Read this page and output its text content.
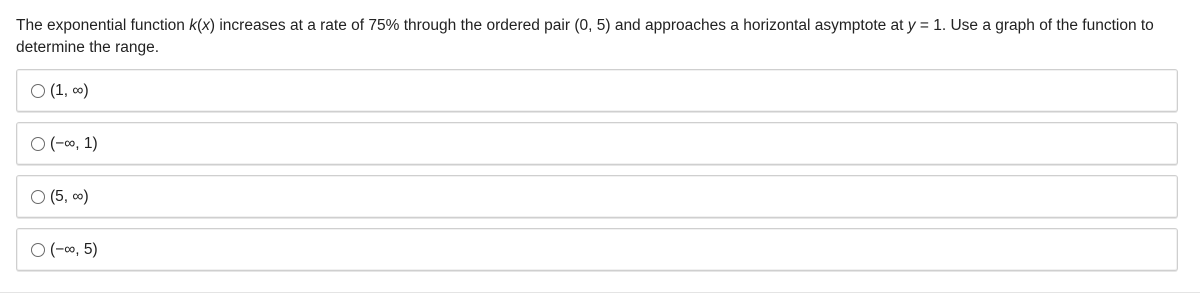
The exponential function k(x) increases at a rate of 75% through the ordered pair (0, 5) and approaches a horizontal asymptote at y = 1. Use a graph of the function to determine the range.
(1, ∞)
(−∞, 1)
(5, ∞)
(−∞, 5)
